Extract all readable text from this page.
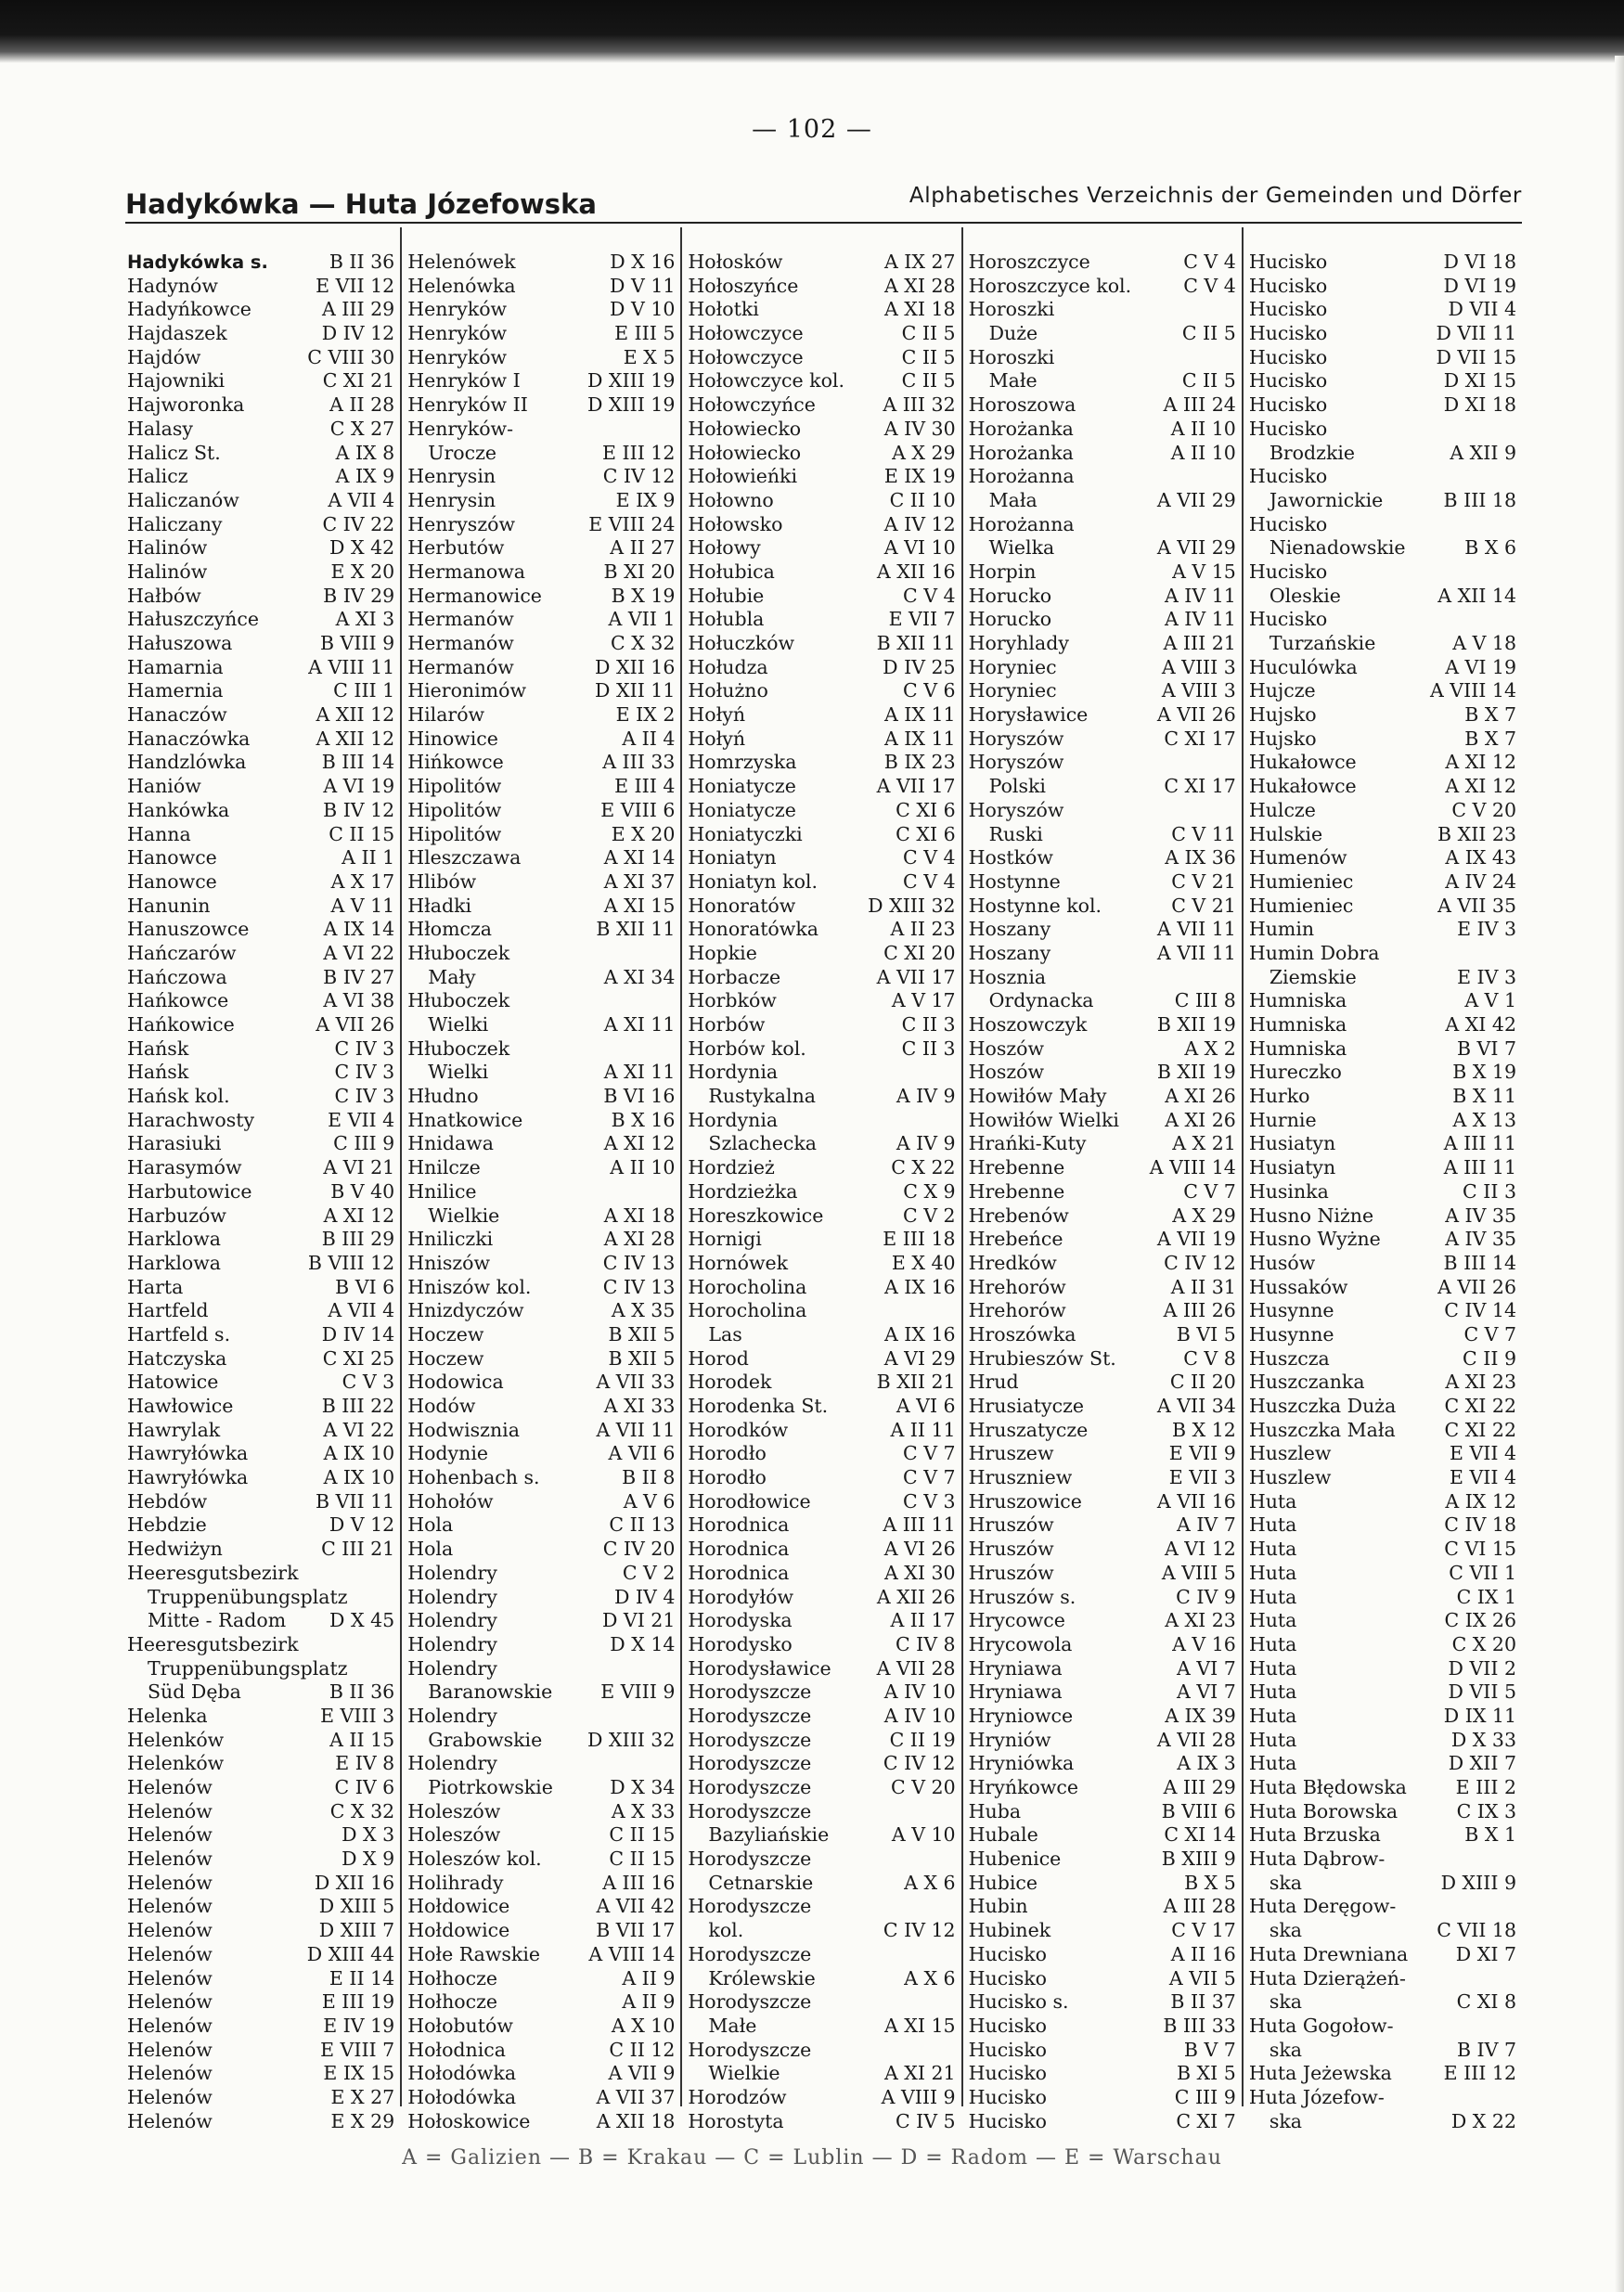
— 102 —
Hadykówka — Huta Józefowska	Alphabetisches Verzeichnis der Gemeinden und Dörfer
Hadykówka s.	B II 36
Hadynów	E VII 12
Hadyńkowce	A III 29
Hajdaszek	D IV 12
Hajdów	C VIII 30
Hajowniki	C XI 21
Hajworonka	A II 28
Halasy	C X 27
Halicz St.	A IX 8
Halicz	A IX 9
Haliczanów	A VII 4
Haliczany	C IV 22
Halinów	D X 42
Halinów	E X 20
Hałbów	B IV 29
Hałuszczyńce	A XI 3
Hałuszowa	B VIII 9
Hamarnia	A VIII 11
Hamernia	C III 1
Hanaczów	A XII 12
Hanaczówka	A XII 12
Handzlówka	B III 14
Haniów	A VI 19
Hankówka	B IV 12
Hanna	C II 15
Hanowce	A II 1
Hanowce	A X 17
Hanunin	A V 11
Hanuszowce	A IX 14
Hańczarów	A VI 22
Hańczowa	B IV 27
Hańkowce	A VI 38
Hańkowice	A VII 26
Hańsk	C IV 3
Hańsk	C IV 3
Hańsk kol.	C IV 3
Harachwosty	E VII 4
Harasiuki	C III 9
Harasymów	A VI 21
Harbutowice	B V 40
Harbuzów	A XI 12
Harklowa	B III 29
Harklowa	B VIII 12
Harta	B VI 6
Hartfeld	A VII 4
Hartfeld s.	D IV 14
Hatczyska	C XI 25
Hatowice	C V 3
Hawłowice	B III 22
Hawrylak	A VI 22
Hawryłówka	A IX 10
Hawryłówka	A IX 10
Hebdów	B VII 11
Hebdzie	D V 12
Hedwiżyn	C III 21
Heeresgutsbezirk
Truppenübungsplatz
Mitte - Radom D X 45
Heeresgutsbezirk
Truppenübungsplatz
Süd Dęba	B II 36
Helenka	E VIII 3
Helenków	A II 15
Helenków	E IV 8
Helenów	C IV 6
Helenów	C X 32
Helenów	D X 3
Helenów	D X 9
Helenów	D XII 16
Helenów	D XIII 5
Helenów	D XIII 7
Helenów	D XIII 44
Helenów	E II 14
Helenów	E III 19
Helenów	E IV 19
Helenów	E VIII 7
Helenów	E IX 15
Helenów	E X 27
Helenów	E X 29
Helenówek	D X 16
Helenówka	D V 11
Henryków	D V 10
Henryków	E III 5
Henryków	E X 5
Henryków I	D XIII 19
Henryków II	D XIII 19
Henryków-
Urocze	E III 12
Henrysin	C IV 12
Henrysin	E IX 9
Henryszów	E VIII 24
Herbutów	A II 27
Hermanowa	B XI 20
Hermanowice	B X 19
Hermanów	A VII 1
Hermanów	C X 32
Hermanów	D XII 16
Hieronimów	D XII 11
Hilarów	E IX 2
Hinowice	A II 4
Hińkowce	A III 33
Hipolitów	E III 4
Hipolitów	E VIII 6
Hipolitów	E X 20
Hleszczawa	A XI 14
Hlibów	A XI 37
Hładki	A XI 15
Hłomcza	B XII 11
Hłuboczek
Mały	A XI 34
Hłuboczek
Wielki	A XI 11
Hłuboczek
Wielki	A XI 11
Hłudno	B VI 16
Hnatkowice	B X 16
Hnidawa	A XI 12
Hnilcze	A II 10
Hnilice
Wielkie	A XI 18
Hniliczki	A XI 28
Hniszów	C IV 13
Hniszów kol.	C IV 13
Hnizdyczów	A X 35
Hoczew	B XII 5
Hoczew	B XII 5
Hodowica	A VII 33
Hodów	A XI 33
Hodwisznia	A VII 11
Hodynie	A VII 6
Hohenbach s.	B II 8
Hohołów	A V 6
Hola	C II 13
Hola	C IV 20
Holendry	C V 2
Holendry	D IV 4
Holendry	D VI 21
Holendry	D X 14
Holendry
Baranowskie	E VIII 9
Holendry
Grabowskie D XIII 32
Holendry
Piotrkowskie	D X 34
Holeszów	A X 33
Holeszów	C II 15
Holeszów kol.	C II 15
Holihrady	A III 16
Hołdowice	A VII 42
Hołdowice	B VII 17
Hołe Rawskie	A VIII 14
Hołhocze	A II 9
Hołhocze	A II 9
Hołobutów	A X 10
Hołodnica	C II 12
Hołodówka	A VII 9
Hołodówka	A VII 37
Hołoskowice	A XII 18
Hołosków	A IX 27
Hołoszyńce	A XI 28
Hołotki	A XI 18
Hołowczyce	C II 5
Hołowczyce	C II 5
Hołowczyce kol.	C II 5
Hołowczyńce	A III 32
Hołowiecko	A IV 30
Hołowiecko	A X 29
Hołowieńki	E IX 19
Hołowno	C II 10
Hołowsko	A IV 12
Hołowy	A VI 10
Hołubica	A XII 16
Hołubie	C V 4
Hołubla	E VII 7
Hołuczków	B XII 11
Hołudza	D IV 25
Hołużno	C V 6
Hołyń	A IX 11
Hołyń	A IX 11
Homrzyska	B IX 23
Honiatycze	A VII 17
Honiatycze	C XI 6
Honiatyczki	C XI 6
Honiatyn	C V 4
Honiatyn kol.	C V 4
Honoratów	D XIII 32
Honoratówka	A II 23
Hopkie	C XI 20
Horbacze	A VII 17
Horbków	A V 17
Horbów	C II 3
Horbów kol.	C II 3
Hordynia
Rustykalna	A IV 9
Hordynia
Szlachecka	A IV 9
Hordzież	C X 22
Hordzieżka	C X 9
Horeszkowice	C V 2
Hornigi	E III 18
Hornówek	E X 40
Horocholina	A IX 16
Horocholina
Las	A IX 16
Horod	A VI 29
Horodek	B XII 21
Horodenka St.	A VI 6
Horodków	A II 11
Horodło	C V 7
Horodło	C V 7
Horodłowice	C V 3
Horodnica	A III 11
Horodnica	A VI 26
Horodnica	A XI 30
Horodyłów	A XII 26
Horodyska	A II 17
Horodysko	C IV 8
Horodysławice A VII 28
Horodyszcze	A IV 10
Horodyszcze	A IV 10
Horodyszcze	C II 19
Horodyszcze	C IV 12
Horodyszcze	C V 20
Horodyszcze
Bazyliańskie	A V 10
Horodyszcze
Cetnarskie	A X 6
Horodyszcze
kol.	C IV 12
Horodyszcze
Królewskie	A X 6
Horodyszcze
Małe	A XI 15
Horodyszcze
Wielkie	A XI 21
Horodzów	A VIII 9
Horostyta	C IV 5
Horoszczyce	C V 4
Horoszczyce kol.	C V 4
Horoszki
Duże	C II 5
Horoszki
Małe	C II 5
Horoszowa	A III 24
Horożanka	A II 10
Horożanka	A II 10
Horożanna
Mała	A VII 29
Horożanna
Wielka	A VII 29
Horpin	A V 15
Horucko	A IV 11
Horucko	A IV 11
Horyhlady	A III 21
Horyniec	A VIII 3
Horyniec	A VIII 3
Horysławice	A VII 26
Horyszów	C XI 17
Horyszów
Polski	C XI 17
Horyszów
Ruski	C V 11
Hostków	A IX 36
Hostynne	C V 21
Hostynne kol.	C V 21
Hoszany	A VII 11
Hoszany	A VII 11
Hosznia
Ordynacka	C III 8
Hoszowczyk	B XII 19
Hoszów	A X 2
Hoszów	B XII 19
Howiłów Mały	A XI 26
Howiłów Wielki A XI 26
Hrańki-Kuty	A X 21
Hrebenne	A VIII 14
Hrebenne	C V 7
Hrebenów	A X 29
Hrebeńce	A VII 19
Hredków	C IV 12
Hrehorów	A II 31
Hrehorów	A III 26
Hroszówka	B VI 5
Hrubieszów St.	C V 8
Hrud	C II 20
Hrusiatycze	A VII 34
Hruszatycze	B X 12
Hruszew	E VII 9
Hruszniew	E VII 3
Hruszowice	A VII 16
Hruszów	A IV 7
Hruszów	A VI 12
Hruszów	A VIII 5
Hruszów s.	C IV 9
Hrycowce	A XI 23
Hrycowola	A V 16
Hryniawa	A VI 7
Hryniawa	A VI 7
Hryniowce	A IX 39
Hryniów	A VII 28
Hryniówka	A IX 3
Hryńkowce	A III 29
Huba	B VIII 6
Hubale	C XI 14
Hubenice	B XIII 9
Hubice	B X 5
Hubin	A III 28
Hubinek	C V 17
Hucisko	A II 16
Hucisko	A VII 5
Hucisko s.	B II 37
Hucisko	B III 33
Hucisko	B V 7
Hucisko	B XI 5
Hucisko	C III 9
Hucisko	C XI 7
Hucisko	D VI 18
Hucisko	D VI 19
Hucisko	D VII 4
Hucisko	D VII 11
Hucisko	D VII 15
Hucisko	D XI 15
Hucisko	D XI 18
Hucisko
Brodzkie	A XII 9
Hucisko
Jawornickie	B III 18
Hucisko
Nienadowskie	B X 6
Hucisko
Oleskie	A XII 14
Hucisko
Turzańskie	A V 18
Huculówka	A VI 19
Hujcze	A VIII 14
Hujsko	B X 7
Hujsko	B X 7
Hukałowce	A XI 12
Hukałowce	A XI 12
Hulcze	C V 20
Hulskie	B XII 23
Humenów	A IX 43
Humieniec	A IV 24
Humieniec	A VII 35
Humin	E IV 3
Humin Dobra
Ziemskie	E IV 3
Humniska	A V 1
Humniska	A XI 42
Humniska	B VI 7
Hureczko	B X 19
Hurko	B X 11
Hurnie	A X 13
Husiatyn	A III 11
Husiatyn	A III 11
Husinka	C II 3
Husno Niżne	A IV 35
Husno Wyżne	A IV 35
Husów	B III 14
Hussaków	A VII 26
Husynne	C IV 14
Husynne	C V 7
Huszcza	C II 9
Huszczanka	A XI 23
Huszczka Duża	C XI 22
Huszczka Mała	C XI 22
Huszlew	E VII 4
Huszlew	E VII 4
Huta	A IX 12
Huta	C IV 18
Huta	C VI 15
Huta	C VII 1
Huta	C IX 1
Huta	C IX 26
Huta	C X 20
Huta	D VII 2
Huta	D VII 5
Huta	D IX 11
Huta	D X 33
Huta	D XII 7
Huta Błędowska	E III 2
Huta Borowska	C IX 3
Huta Brzuska	B X 1
Huta Dąbrow-
ska	D XIII 9
Huta Deręgow-
ska	C VII 18
Huta Drewniana	D XI 7
Huta Dzierążeń-
ska	C XI 8
Huta Gogołow-
ska	B IV 7
Huta Jeżewska	E III 12
Huta Józefow-
ska	D X 22
A = Galizien — B = Krakau — C = Lublin — D = Radom — E = Warschau
